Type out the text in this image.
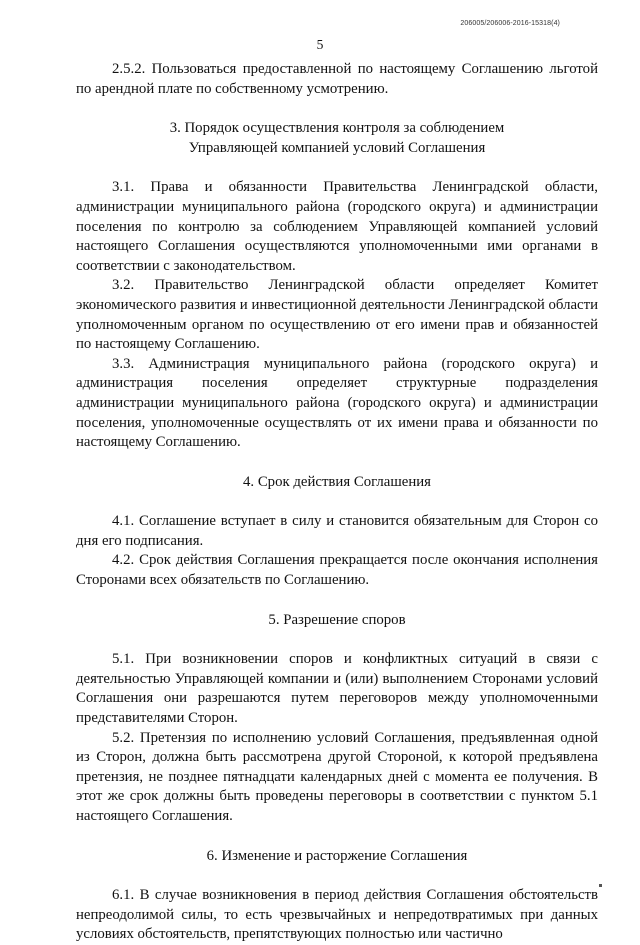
206005/206006-2016-15318(4)
5

2.5.2. Пользоваться предоставленной по настоящему Соглашению льготой по арендной плате по собственному усмотрению.

3. Порядок осуществления контроля за соблюдением
Управляющей компанией условий Соглашения

3.1. Права и обязанности Правительства Ленинградской области, администрации муниципального района (городского округа) и администрации поселения по контролю за соблюдением Управляющей компанией условий настоящего Соглашения осуществляются уполномоченными ими органами в соответствии с законодательством.

3.2. Правительство Ленинградской области определяет Комитет экономического развития и инвестиционной деятельности Ленинградской области уполномоченным органом по осуществлению от его имени прав и обязанностей по настоящему Соглашению.

3.3. Администрация муниципального района (городского округа) и администрация поселения определяет структурные подразделения администрации муниципального района (городского округа) и администрации поселения, уполномоченные осуществлять от их имени права и обязанности по настоящему Соглашению.

4. Срок действия Соглашения

4.1. Соглашение вступает в силу и становится обязательным для Сторон со дня его подписания.

4.2. Срок действия Соглашения прекращается после окончания исполнения Сторонами всех обязательств по Соглашению.

5. Разрешение споров

5.1. При возникновении споров и конфликтных ситуаций в связи с деятельностью Управляющей компании и (или) выполнением Сторонами условий Соглашения они разрешаются путем переговоров между уполномоченными представителями Сторон.

5.2. Претензия по исполнению условий Соглашения, предъявленная одной из Сторон, должна быть рассмотрена другой Стороной, к которой предъявлена претензия, не позднее пятнадцати календарных дней с момента ее получения. В этот же срок должны быть проведены переговоры в соответствии с пунктом 5.1 настоящего Соглашения.

6. Изменение и расторжение Соглашения

6.1. В случае возникновения в период действия Соглашения обстоятельств непреодолимой силы, то есть чрезвычайных и непредотвратимых при данных условиях обстоятельств, препятствующих полностью или частично
